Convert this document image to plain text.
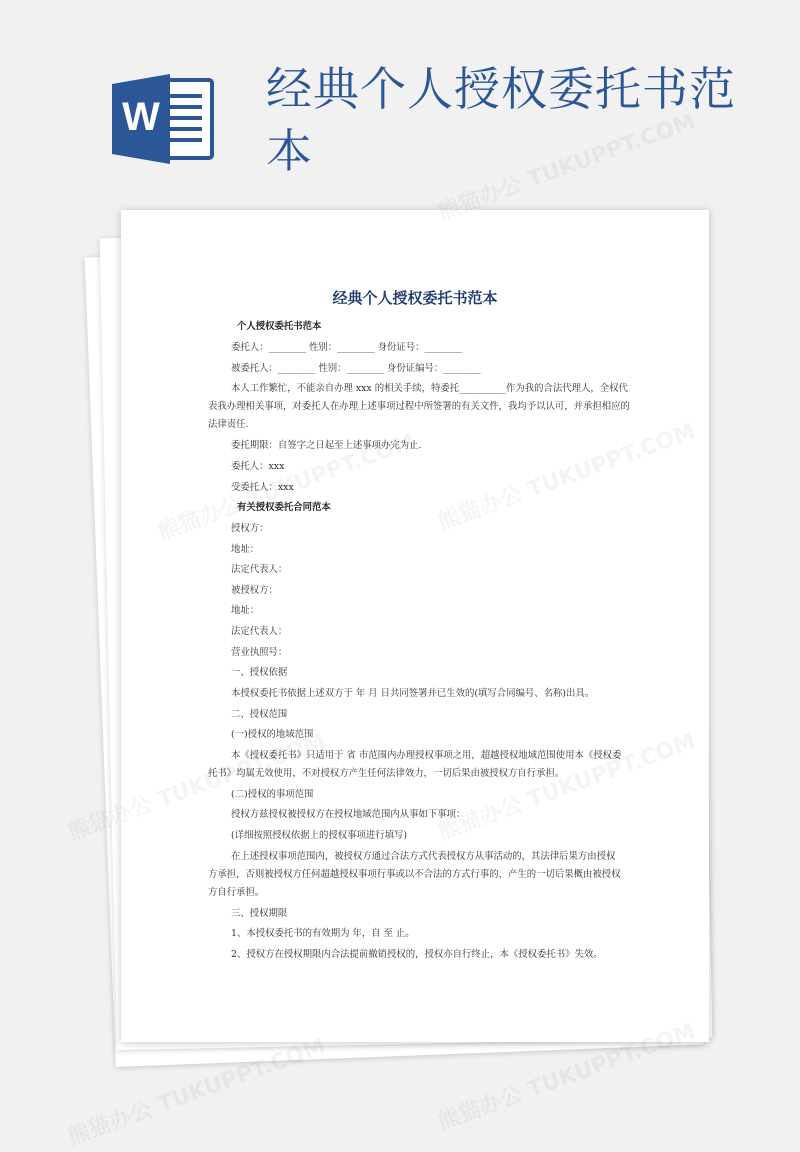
W
经典个人授权委托书范
本
经典个人授权委托书范本
个人授权委托书范本
委托人：________ 性别：________ 身份证号：________
被委托人：________ 性别：________ 身份证编号：________
本人工作繁忙，不能亲自办理 xxx 的相关手续，特委托__________作为我的合法代理人，全权代
表我办理相关事项，对委托人在办理上述事项过程中所签署的有关文件，我均予以认可，并承担相应的
法律责任.
委托期限：自签字之日起至上述事项办完为止.
委托人：xxx
受委托人：xxx
有关授权委托合同范本
授权方：
地址：
法定代表人：
被授权方：
地址：
法定代表人：
营业执照号：
一、授权依据
本授权委托书依据上述双方于 年 月 日共同签署并已生效的(填写合同编号、名称)出具。
二、授权范围
(一)授权的地域范围
本《授权委托书》只适用于 省 市范围内办理授权事项之用，超越授权地域范围使用本《授权委
托书》均属无效使用，不对授权方产生任何法律效力，一切后果由被授权方自行承担。
(二)授权的事项范围
授权方兹授权被授权方在授权地域范围内从事如下事项：
(详细按照授权依据上的授权事项进行填写)
在上述授权事项范围内，被授权方通过合法方式代表授权方从事活动的，其法律后果方由授权
方承担，否则被授权方任何超越授权事项行事或以不合法的方式行事的，产生的一切后果概由被授权
方自行承担。
三、授权期限
1、本授权委托书的有效期为 年，自 至 止。
2、授权方在授权期限内合法提前撤销授权的，授权亦自行终止，本《授权委托书》失效。
